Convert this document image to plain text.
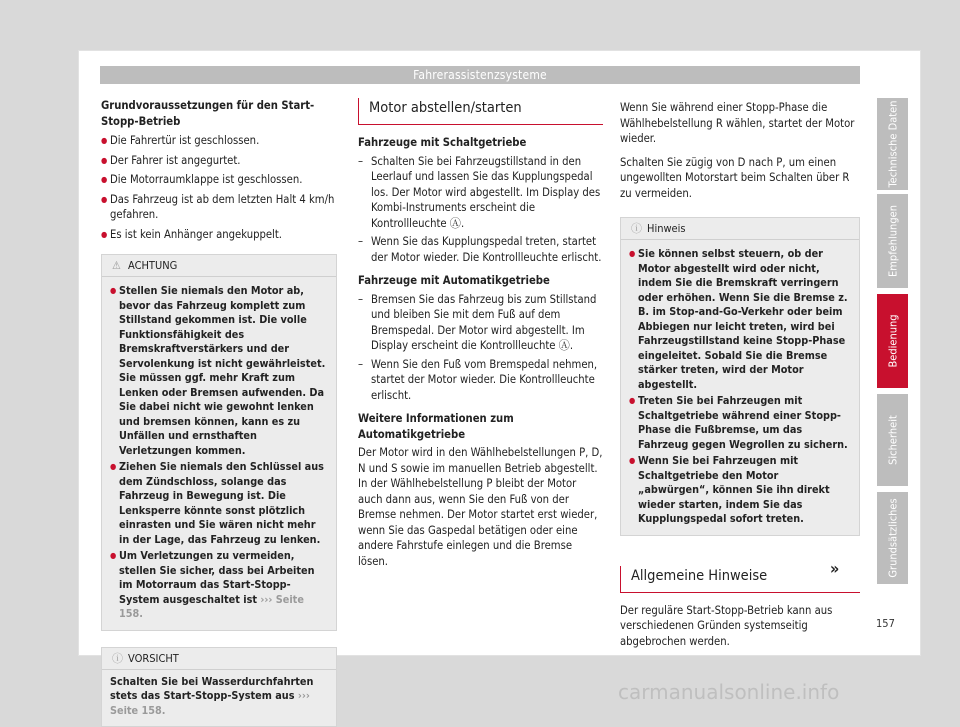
Fahrerassistenzsysteme
Grundvoraussetzungen für den Start-Stopp-Betrieb
● Die Fahrertür ist geschlossen.
● Der Fahrer ist angegurtet.
● Die Motorraumklappe ist geschlossen.
● Das Fahrzeug ist ab dem letzten Halt 4 km/h gefahren.
● Es ist kein Anhänger angekuppelt.
⚠ ACHTUNG
● Stellen Sie niemals den Motor ab, bevor das Fahrzeug komplett zum Stillstand gekommen ist. Die volle Funktionsfähigkeit des Bremskraftverstärkers und der Servolenkung ist nicht gewährleistet. Sie müssen ggf. mehr Kraft zum Lenken oder Bremsen aufwenden. Da Sie dabei nicht wie gewohnt lenken und bremsen können, kann es zu Unfällen und ernsthaften Verletzungen kommen.
● Ziehen Sie niemals den Schlüssel aus dem Zündschloss, solange das Fahrzeug in Bewegung ist. Die Lenksperre könnte sonst plötzlich einrasten und Sie wären nicht mehr in der Lage, das Fahrzeug zu lenken.
● Um Verletzungen zu vermeiden, stellen Sie sicher, dass bei Arbeiten im Motorraum das Start-Stopp-System ausgeschaltet ist ››› Seite 158.
ⓘ VORSICHT
Schalten Sie bei Wasserdurchfahrten stets das Start-Stopp-System aus ››› Seite 158.
Motor abstellen/starten
Fahrzeuge mit Schaltgetriebe
– Schalten Sie bei Fahrzeugstillstand in den Leerlauf und lassen Sie das Kupplungspedal los. Der Motor wird abgestellt. Im Display des Kombi-Instruments erscheint die Kontrollleuchte Ⓐ.
– Wenn Sie das Kupplungspedal treten, startet der Motor wieder. Die Kontrollleuchte erlischt.
Fahrzeuge mit Automatikgetriebe
– Bremsen Sie das Fahrzeug bis zum Stillstand und bleiben Sie mit dem Fuß auf dem Bremspedal. Der Motor wird abgestellt. Im Display erscheint die Kontrollleuchte Ⓐ.
– Wenn Sie den Fuß vom Bremspedal nehmen, startet der Motor wieder. Die Kontrollleuchte erlischt.
Weitere Informationen zum Automatikgetriebe
Der Motor wird in den Wählhebelstellungen P, D, N und S sowie im manuellen Betrieb abgestellt. In der Wählhebelstellung P bleibt der Motor auch dann aus, wenn Sie den Fuß von der Bremse nehmen. Der Motor startet erst wieder, wenn Sie das Gaspedal betätigen oder eine andere Fahrstufe einlegen und die Bremse lösen.
Wenn Sie während einer Stopp-Phase die Wählhebelstellung R wählen, startet der Motor wieder.
Schalten Sie zügig von D nach P, um einen ungewollten Motorstart beim Schalten über R zu vermeiden.
ⓘ Hinweis
● Sie können selbst steuern, ob der Motor abgestellt wird oder nicht, indem Sie die Bremskraft verringern oder erhöhen. Wenn Sie die Bremse z. B. im Stop-and-Go-Verkehr oder beim Abbiegen nur leicht treten, wird bei Fahrzeugstillstand keine Stopp-Phase eingeleitet. Sobald Sie die Bremse stärker treten, wird der Motor abgestellt.
● Treten Sie bei Fahrzeugen mit Schaltgetriebe während einer Stopp-Phase die Fußbremse, um das Fahrzeug gegen Wegrollen zu sichern.
● Wenn Sie bei Fahrzeugen mit Schaltgetriebe den Motor „abwürgen“, können Sie ihn direkt wieder starten, indem Sie das Kupplungspedal sofort treten.
Allgemeine Hinweise
Der reguläre Start-Stopp-Betrieb kann aus verschiedenen Gründen systemseitig abgebrochen werden.
»
Technische Daten
Empfehlungen
Bedienung
Sicherheit
Grundsätzliches
157
carmanualsonline.info
